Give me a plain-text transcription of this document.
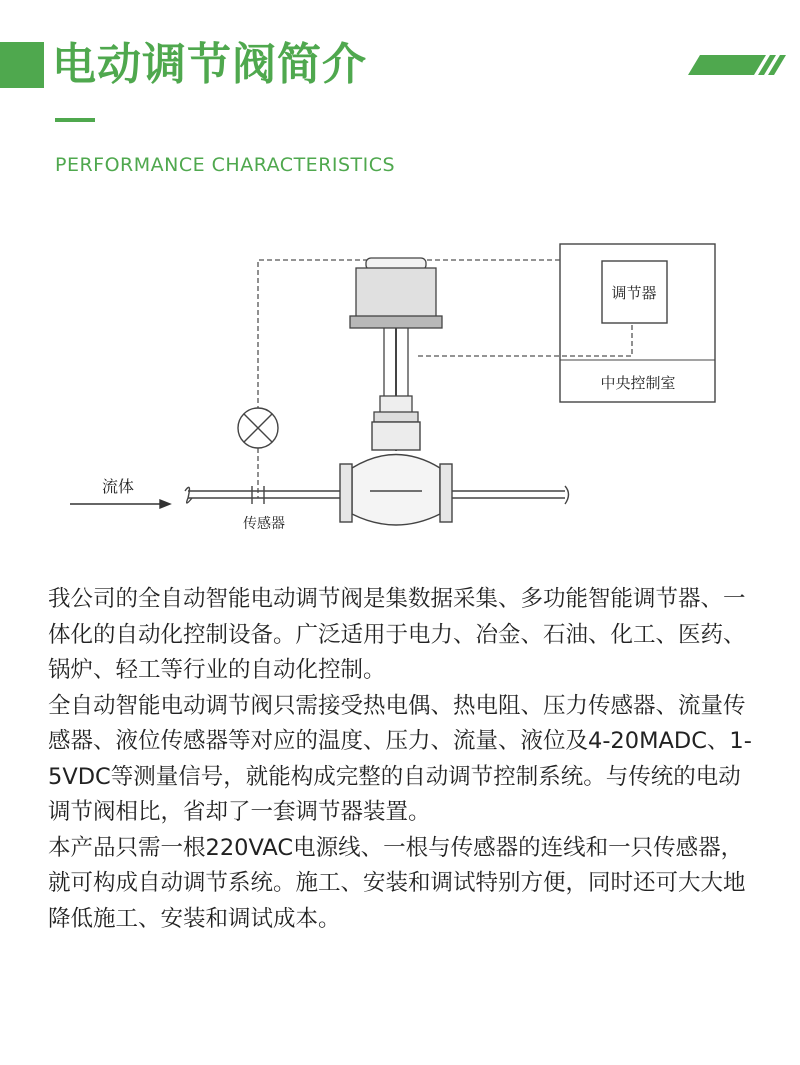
电动调节阀简介
PERFORMANCE CHARACTERISTICS
调节器
中央控制室
流体
传感器

我公司的全自动智能电动调节阀是集数据采集、多功能智能调节器、一体化的自动化控制设备。广泛适用于电力、冶金、石油、化工、医药、锅炉、轻工等行业的自动化控制。

全自动智能电动调节阀只需接受热电偶、热电阻、压力传感器、流量传感器、液位传感器等对应的温度、压力、流量、液位及4-20MADC、1-5VDC等测量信号，就能构成完整的自动调节控制系统。与传统的电动调节阀相比，省却了一套调节器装置。

本产品只需一根220VAC电源线、一根与传感器的连线和一只传感器，就可构成自动调节系统。施工、安装和调试特别方便，同时还可大大地降低施工、安装和调试成本。
